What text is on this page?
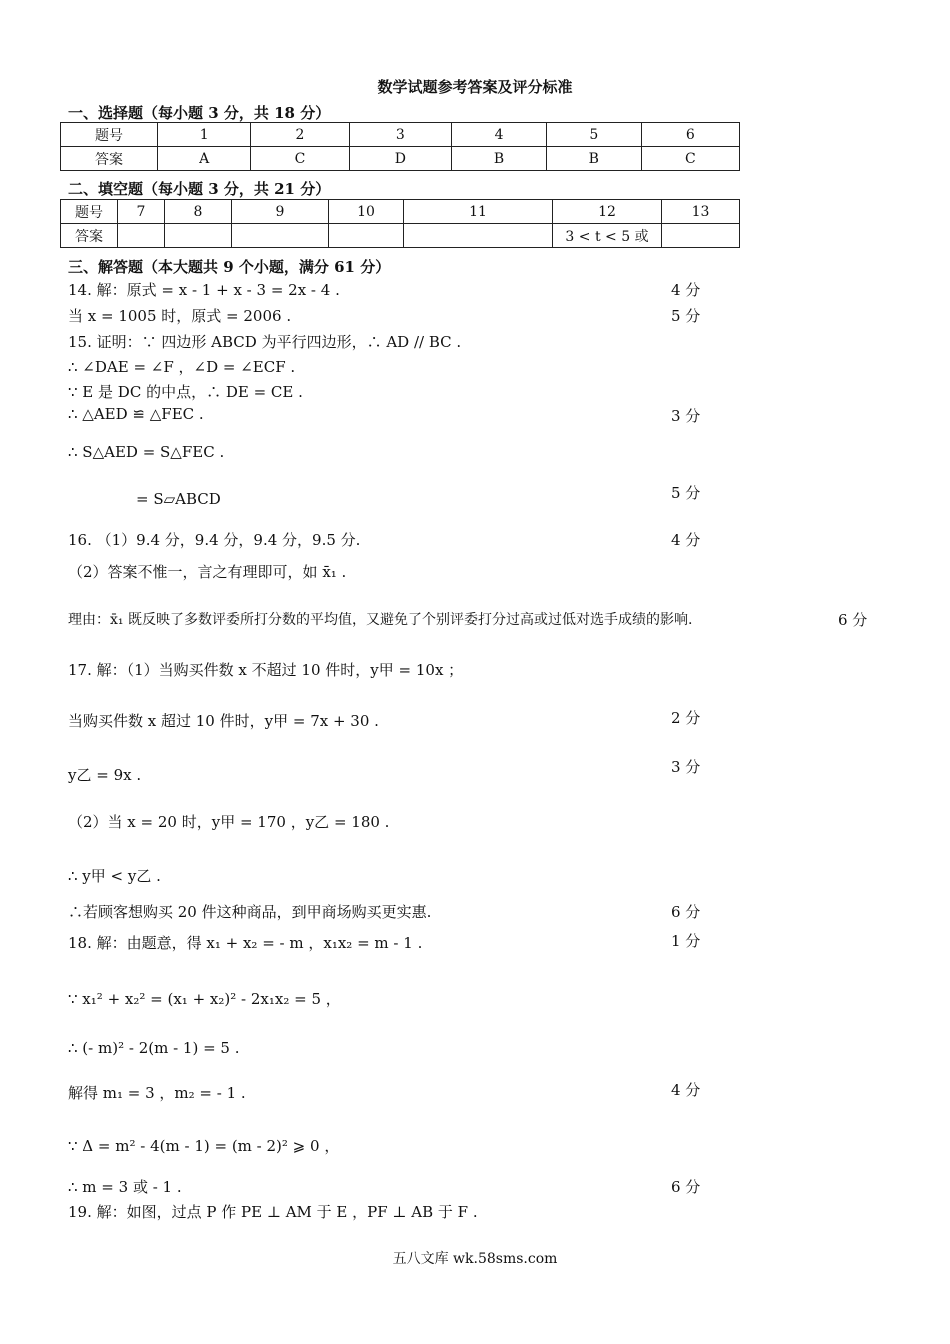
数学试题参考答案及评分标准
一、选择题（每小题 3 分，共 18 分）
题号	1	2	3	4	5	6
答案	A	C	D	B	B	C
二、填空题（每小题 3 分，共 21 分）
题号	7	8	9	10	11	12	13
答案						3 < t < 5 或	
三、解答题（本大题共 9 个小题，满分 61 分）
14. 解：原式 = x - 1 + x - 3 = 2x - 4 .	4 分
当 x = 1005 时，原式 = 2006 .	5 分
15. 证明：∵ 四边形 ABCD 为平行四边形，∴ AD // BC .
∴ ∠DAE = ∠F ，∠D = ∠ECF .
∵ E 是 DC 的中点，∴ DE = CE .
∴ △AED ≌ △FEC .	3 分
∴ S△AED = S△FEC .
= S▱ABCD	5 分
16. （1）9.4 分，9.4 分，9.4 分，9.5 分.	4 分
（2）答案不惟一，言之有理即可，如 x̄₁ .
理由：x̄₁ 既反映了多数评委所打分数的平均值，又避免了个别评委打分过高或过低对选手成绩的影响.	6 分
17. 解：（1）当购买件数 x 不超过 10 件时，y甲 = 10x ；
当购买件数 x 超过 10 件时，y甲 = 7x + 30 .	2 分
y乙 = 9x .	3 分
（2）当 x = 20 时，y甲 = 170 ，y乙 = 180 .
∴ y甲 < y乙 .
∴若顾客想购买 20 件这种商品，到甲商场购买更实惠.	6 分
18. 解：由题意，得 x₁ + x₂ = - m ，x₁x₂ = m - 1 .	1 分
∵ x₁² + x₂² = (x₁ + x₂)² - 2x₁x₂ = 5 ，
∴ (- m)² - 2(m - 1) = 5 .
解得 m₁ = 3 ，m₂ = - 1 .	4 分
∵ Δ = m² - 4(m - 1) = (m - 2)² ⩾ 0 ，
∴ m = 3 或 - 1 .	6 分
19. 解：如图，过点 P 作 PE ⊥ AM 于 E ，PF ⊥ AB 于 F .
五八文库 wk.58sms.com
